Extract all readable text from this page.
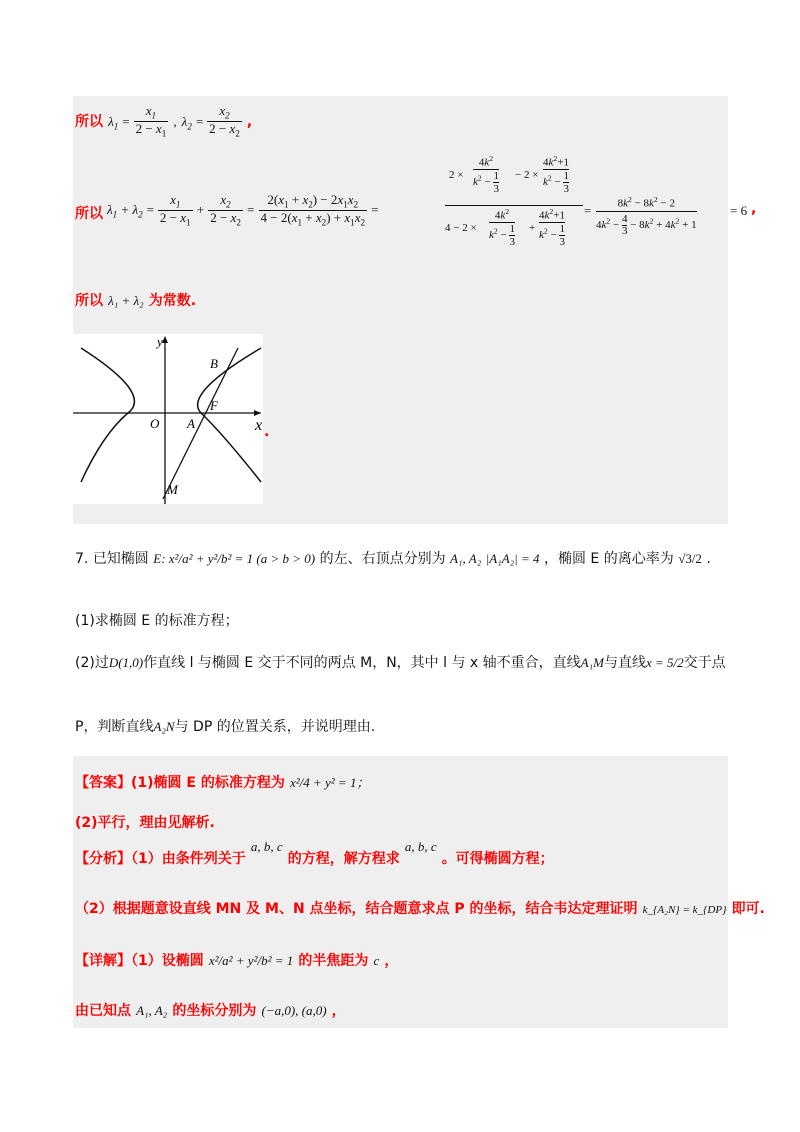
所以 $\lambda_1 = \frac{x_1}{2 - x_1}$ , $\lambda_2 = \frac{x_2}{2 - x_2}$ ,
所以 $\lambda_1 + \lambda_2 = \frac{x_1}{2 - x_1} + \frac{x_2}{2 - x_2} = \frac{2(x_1 + x_2) - 2x_1x_2}{4 - 2(x_1 + x_2) + x_1x_2}$ =
2 ×
$4k^2$
$k^2 - \frac{1}{3} - 2$ ×
$4k^2+1$
$k^2 - \frac{1}{3}$
4 − 2 ×
$4k^2$
$k^2 - \frac{1}{3}$ +
$4k^2+1$
$k^2 - \frac{1}{3}$
=	$8k^2 - 8k^2 - 2$
$4k^2 - \frac{4}{3} - 8k^2 + 4k^2 + 1$
= 6 ,
所以 λ₁ + λ₂ 为常数.
y
x
O A
B
F
M
.
7. 已知椭圆 E: x²/a² + y²/b² = 1 (a > b > 0) 的左、右顶点分别为 A₁, A₂ |A₁A₂| = 4 ，椭圆 E 的离心率为 √3/2 .
(1)求椭圆 E 的标准方程；
(2)过D(1,0)作直线 l 与椭圆 E 交于不同的两点 M，N，其中 l 与 x 轴不重合，直线A₁M与直线x = 5/2交于点
P，判断直线A₂N与 DP 的位置关系，并说明理由.
【答案】(1)椭圆 E 的标准方程为 x²/4 + y² = 1；
(2)平行，理由见解析.
【分析】（1）由条件列关于 $^{a, b, c}$ 的方程，解方程求 $^{a, b, c}$ 。可得椭圆方程；
（2）根据题意设直线 MN 及 M、N 点坐标，结合题意求点 P 的坐标，结合韦达定理证明 k_{A₂N} = k_{DP} 即可.
【详解】（1）设椭圆 x²/a² + y²/b² = 1 的半焦距为 c ，
由已知点 A₁, A₂ 的坐标分别为 (−a,0), (a,0) ，
